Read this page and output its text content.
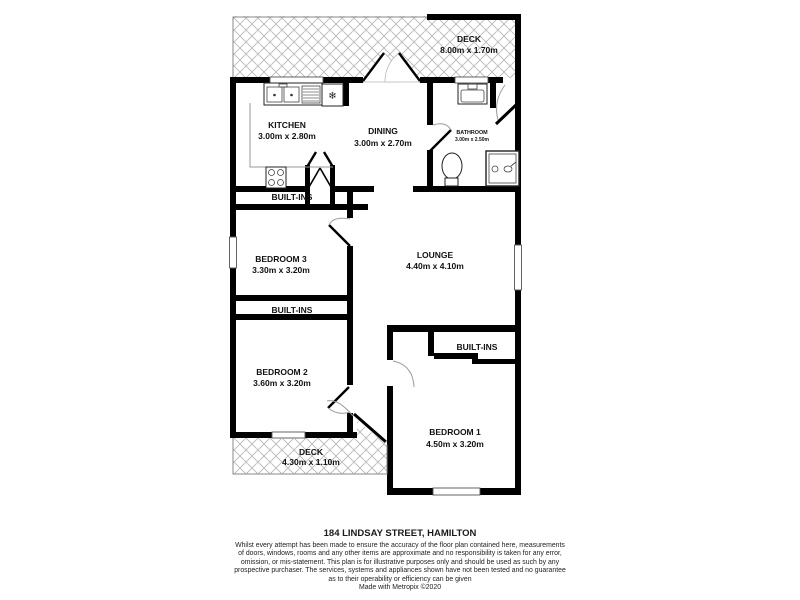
❄
DECK
8.00m x 1.70m
KITCHEN
3.00m x 2.80m	DINING
3.00m x 2.70m
BATHROOM
3.00m x 2.50m
LOUNGE
4.40m x 4.10m
BEDROOM 3
3.30m x 3.20m
BEDROOM 2
3.60m x 3.20m
BEDROOM 1
4.50m x 3.20m
DECK
4.30m x 1.10m
BUILT-INS
BUILT-INS
BUILT-INS
184 LINDSAY STREET, HAMILTON
Whilst every attempt has been made to ensure the accuracy of the floor plan contained here, measurements
of doors, windows, rooms and any other items are approximate and no responsibility is taken for any error,
omission, or mis-statement. This plan is for illustrative purposes only and should be used as such by any
prospective purchaser. The services, systems and appliances shown have not been tested and no guarantee
as to their operability or efficiency can be given
Made with Metropix ©2020
